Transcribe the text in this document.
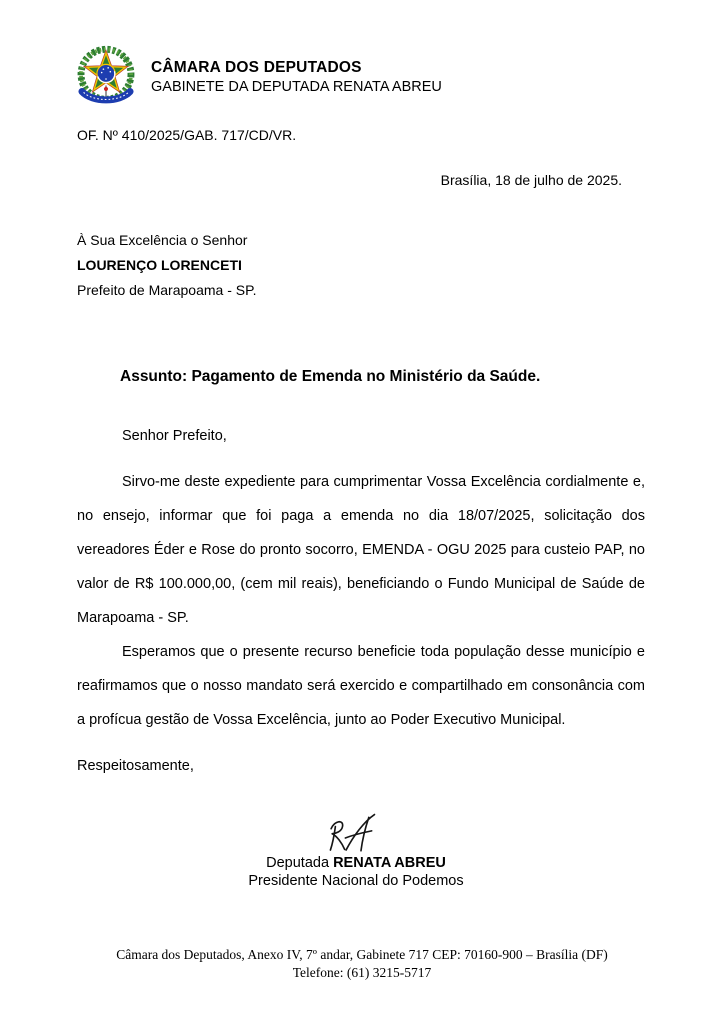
CÂMARA DOS DEPUTADOS
GABINETE DA DEPUTADA RENATA ABREU
OF. Nº 410/2025/GAB. 717/CD/VR.
Brasília, 18 de julho de 2025.
À Sua Excelência o Senhor
LOURENÇO LORENCETI
Prefeito de Marapoama - SP.
Assunto: Pagamento de Emenda no Ministério da Saúde.
Senhor Prefeito,

Sirvo-me deste expediente para cumprimentar Vossa Excelência cordialmente e, no ensejo, informar que foi paga a emenda no dia 18/07/2025, solicitação dos vereadores Éder e Rose do pronto socorro, EMENDA - OGU 2025 para custeio PAP, no valor de R$ 100.000,00, (cem mil reais), beneficiando o Fundo Municipal de Saúde de Marapoama - SP.

Esperamos que o presente recurso beneficie toda população desse município e reafirmamos que o nosso mandato será exercido e compartilhado em consonância com a profícua gestão de Vossa Excelência, junto ao Poder Executivo Municipal.

Respeitosamente,
Deputada RENATA ABREU
Presidente Nacional do Podemos
Câmara dos Deputados, Anexo IV, 7º andar, Gabinete 717 CEP: 70160-900 – Brasília (DF)
Telefone: (61) 3215-5717
